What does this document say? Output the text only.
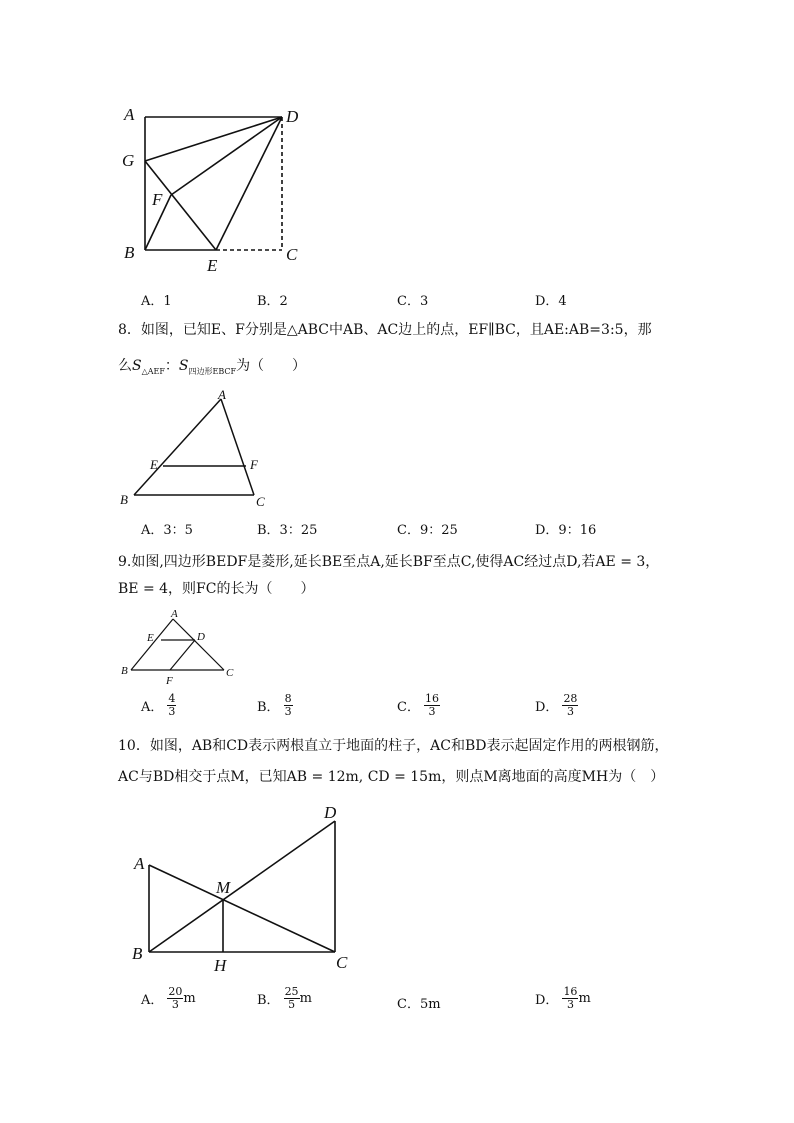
A	D
G
F
B
E
C
A．1	B．2	C．3	D．4
8．如图，已知E、F分别是△ABC中AB、AC边上的点，EF∥BC，且AE:AB=3:5，那
么$S_{\triangle AEF}$：$S_{四边形EBCF}$为（　　）
A
E	F
B	C
A．3：5	B．3：25	C．9：25	D．9：16
9.如图,四边形BEDF是菱形,延长BE至点A,延长BF至点C,使得AC经过点D,若AE = 3，
BE = 4，则FC的长为（　　）
A
E	D
B
F
C
A． $\frac{4}{3}$	B． $\frac{8}{3}$	C． $\frac{16}{3}$	D． $\frac{28}{3}$
10．如图，AB和CD表示两根直立于地面的柱子，AC和BD表示起固定作用的两根钢筋，
AC与BD相交于点M，已知AB = 12m, CD = 15m，则点M离地面的高度MH为（　）
D
A
M
B
H	C
A． $\frac{20}{3}$ m	B． $\frac{25}{5}$ m	C．5m	D． $\frac{16}{3}$ m
